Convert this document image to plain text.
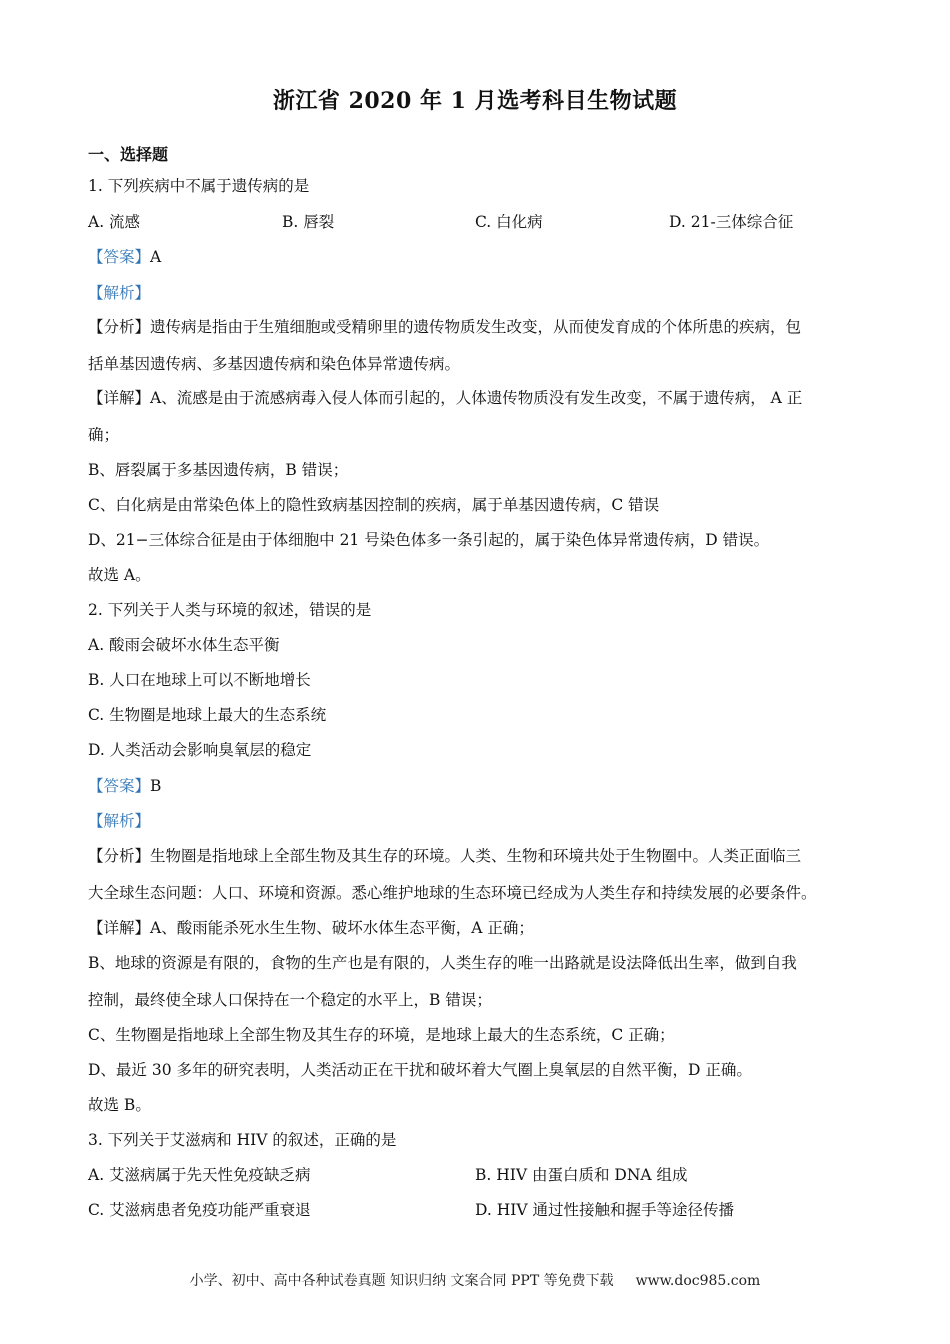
浙江省 2020 年 1 月选考科目生物试题
一、选择题
1. 下列疾病中不属于遗传病的是
A. 流感	B. 唇裂	C. 白化病	D. 21-三体综合征
【答案】A
【解析】
【分析】遗传病是指由于生殖细胞或受精卵里的遗传物质发生改变，从而使发育成的个体所患的疾病，包
括单基因遗传病、多基因遗传病和染色体异常遗传病。
【详解】A、流感是由于流感病毒入侵人体而引起的，人体遗传物质没有发生改变，不属于遗传病， A 正
确；
B、唇裂属于多基因遗传病，B 错误；
C、白化病是由常染色体上的隐性致病基因控制的疾病，属于单基因遗传病，C 错误
D、21−三体综合征是由于体细胞中 21 号染色体多一条引起的，属于染色体异常遗传病，D 错误。
故选 A。
2. 下列关于人类与环境的叙述，错误的是
A. 酸雨会破坏水体生态平衡
B. 人口在地球上可以不断地增长
C. 生物圈是地球上最大的生态系统
D. 人类活动会影响臭氧层的稳定
【答案】B
【解析】
【分析】生物圈是指地球上全部生物及其生存的环境。人类、生物和环境共处于生物圈中。人类正面临三
大全球生态问题：人口、环境和资源。悉心维护地球的生态环境已经成为人类生存和持续发展的必要条件。
【详解】A、酸雨能杀死水生生物、破坏水体生态平衡，A 正确；
B、地球的资源是有限的，食物的生产也是有限的，人类生存的唯一出路就是设法降低出生率，做到自我
控制，最终使全球人口保持在一个稳定的水平上，B 错误；
C、生物圈是指地球上全部生物及其生存的环境，是地球上最大的生态系统，C 正确；
D、最近 30 多年的研究表明，人类活动正在干扰和破坏着大气圈上臭氧层的自然平衡，D 正确。
故选 B。
3. 下列关于艾滋病和 HIV 的叙述，正确的是
A. 艾滋病属于先天性免疫缺乏病	B. HIV 由蛋白质和 DNA 组成
C. 艾滋病患者免疫功能严重衰退	D. HIV 通过性接触和握手等途径传播
小学、初中、高中各种试卷真题 知识归纳 文案合同 PPT 等免费下载 www.doc985.com
